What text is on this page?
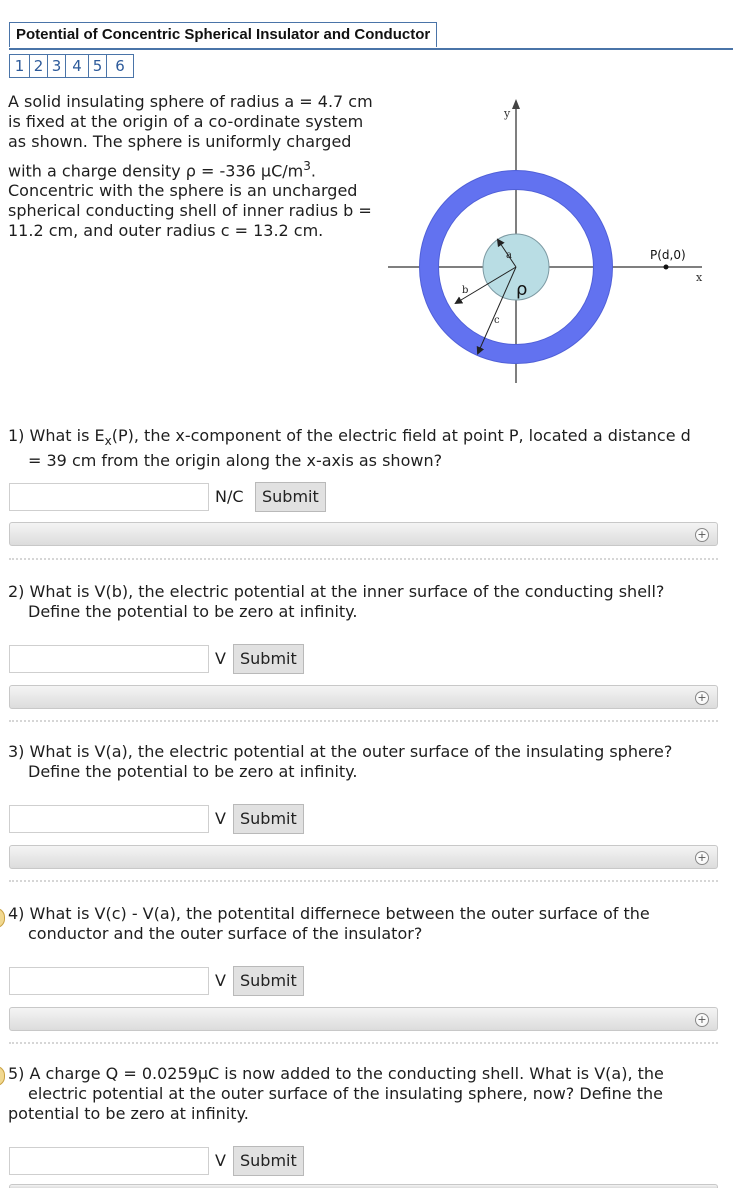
Potential of Concentric Spherical Insulator and Conductor
1 2 3 4 5 6
A solid insulating sphere of radius a = 4.7 cm
is fixed at the origin of a co-ordinate system
as shown. The sphere is uniformly charged
with a charge density ρ = -336 $\mu C/m^3$.
Concentric with the sphere is an uncharged
spherical conducting shell of inner radius b =
11.2 cm, and outer radius c = 13.2 cm.
y
x
a
b
c
ρ
P(d,0)
1) What is $E_x(P)$, the x-component of the electric field at point P, located a distance d
= 39 cm from the origin along the x-axis as shown?
N/C	Submit
+
2) What is V(b), the electric potential at the inner surface of the conducting shell?
Define the potential to be zero at infinity.
V Submit
+
3) What is V(a), the electric potential at the outer surface of the insulating sphere?
Define the potential to be zero at infinity.
V Submit
+
4) What is V(c) - V(a), the potentital differnece between the outer surface of the
conductor and the outer surface of the insulator?
V Submit
+
5) A charge Q = 0.0259μC is now added to the conducting shell. What is V(a), the
electric potential at the outer surface of the insulating sphere, now? Define the
potential to be zero at infinity.
V Submit
